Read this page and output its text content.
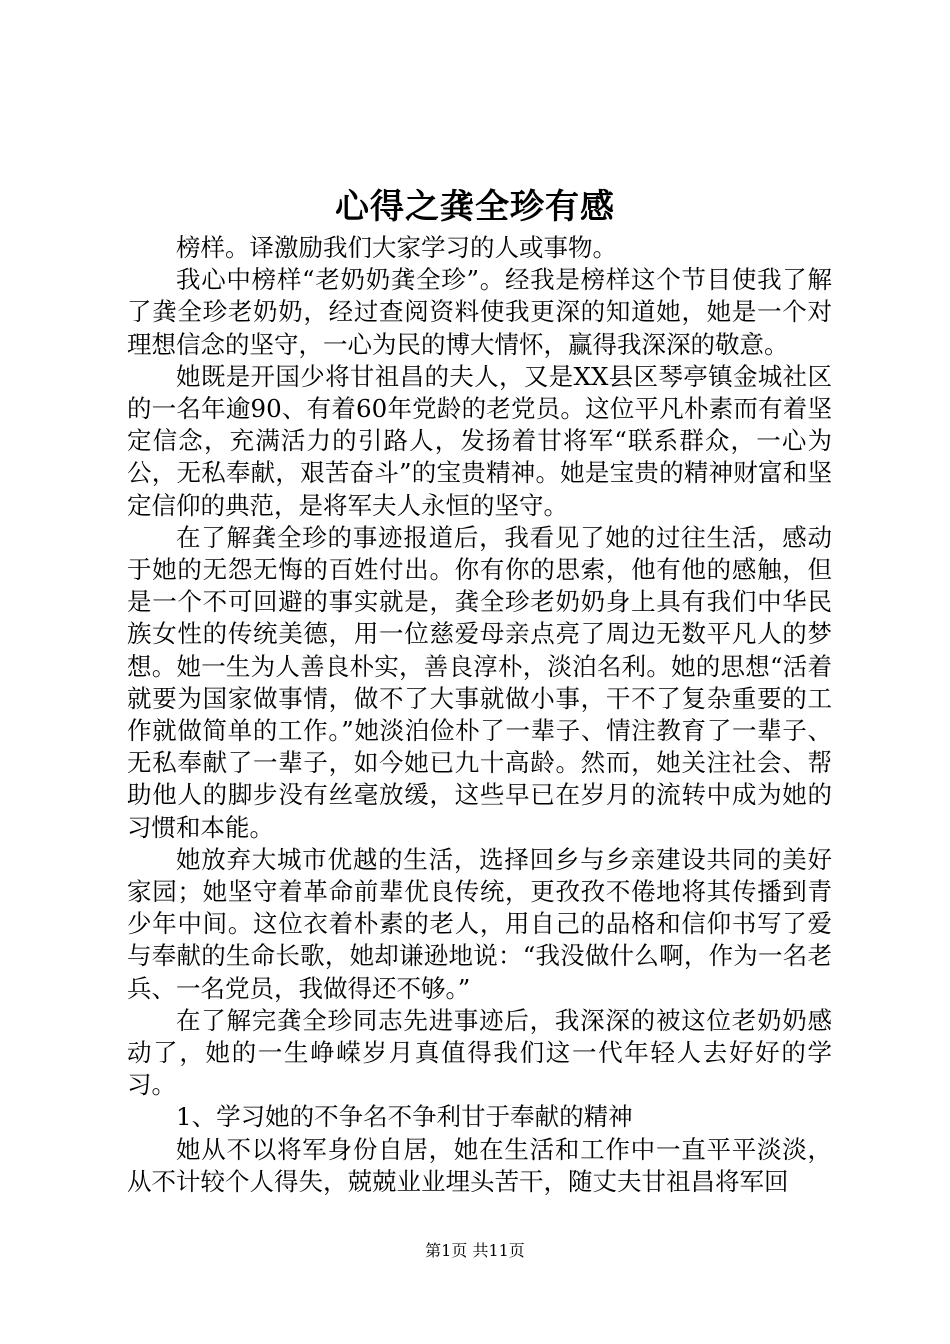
心得之龚全珍有感

榜样。译激励我们大家学习的人或事物。

我心中榜样“老奶奶龚全珍”。经我是榜样这个节目使我了解了龚全珍老奶奶，经过查阅资料使我更深的知道她，她是一个对理想信念的坚守，一心为民的博大情怀，赢得我深深的敬意。

她既是开国少将甘祖昌的夫人，又是XX县区琴亭镇金城社区的一名年逾90、有着60年党龄的老党员。这位平凡朴素而有着坚定信念，充满活力的引路人，发扬着甘将军“联系群众，一心为公，无私奉献，艰苦奋斗”的宝贵精神。她是宝贵的精神财富和坚定信仰的典范，是将军夫人永恒的坚守。

在了解龚全珍的事迹报道后，我看见了她的过往生活，感动于她的无怨无悔的百姓付出。你有你的思索，他有他的感触，但是一个不可回避的事实就是，龚全珍老奶奶身上具有我们中华民族女性的传统美德，用一位慈爱母亲点亮了周边无数平凡人的梦想。她一生为人善良朴实，善良淳朴，淡泊名利。她的思想“活着就要为国家做事情，做不了大事就做小事，干不了复杂重要的工作就做简单的工作。”她淡泊俭朴了一辈子、情注教育了一辈子、无私奉献了一辈子，如今她已九十高龄。然而，她关注社会、帮助他人的脚步没有丝毫放缓，这些早已在岁月的流转中成为她的习惯和本能。

她放弃大城市优越的生活，选择回乡与乡亲建设共同的美好家园；她坚守着革命前辈优良传统，更孜孜不倦地将其传播到青少年中间。这位衣着朴素的老人，用自己的品格和信仰书写了爱与奉献的生命长歌，她却谦逊地说：“我没做什么啊，作为一名老兵、一名党员，我做得还不够。”

在了解完龚全珍同志先进事迹后，我深深的被这位老奶奶感动了，她的一生峥嵘岁月真值得我们这一代年轻人去好好的学习。

1、学习她的不争名不争利甘于奉献的精神

她从不以将军身份自居，她在生活和工作中一直平平淡淡，从不计较个人得失，兢兢业业埋头苦干，随丈夫甘祖昌将军回

第1页 共11页
